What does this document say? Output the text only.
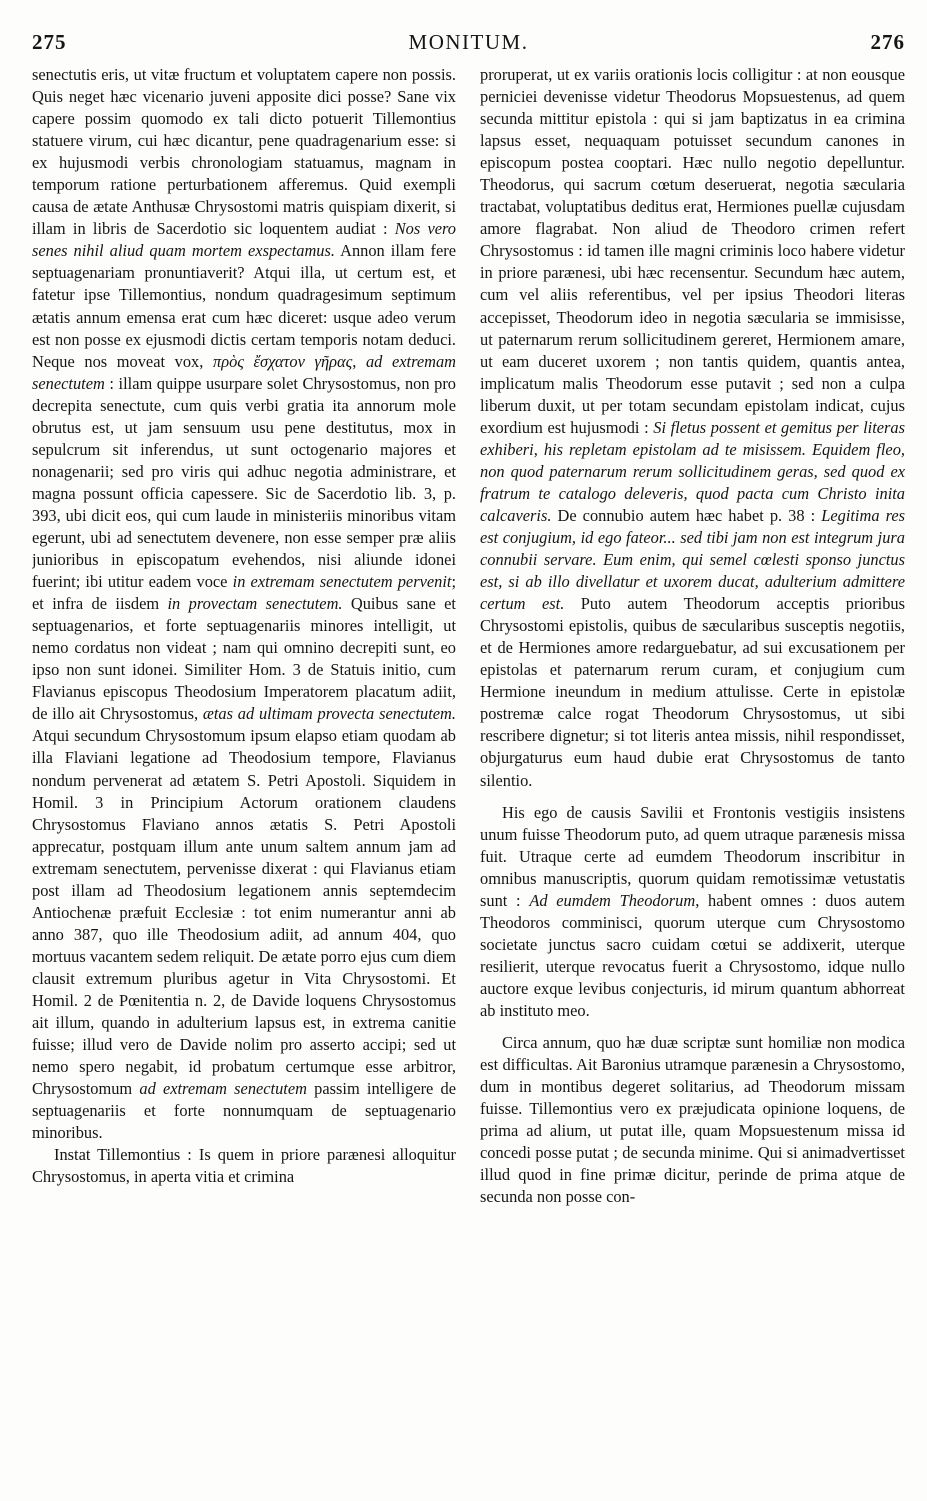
275	MONITUM.	276

senectutis eris, ut vitæ fructum et voluptatem capere non possis. Quis neget hæc vicenario juveni apposite dici posse? Sane vix capere possim quomodo ex tali dicto potuerit Tillemontius statuere virum, cui hæc dicantur, pene quadragenarium esse: si ex hujusmodi verbis chronologiam statuamus, magnam in temporum ratione perturbationem afferemus. Quid exempli causa de ætate Anthusæ Chrysostomi matris quispiam dixerit, si illam in libris de Sacerdotio sic loquentem audiat : Nos vero senes nihil aliud quam mortem exspectamus. Annon illam fere septuagenariam pronuntiaverit? Atqui illa, ut certum est, et fatetur ipse Tillemontius, nondum quadragesimum septimum ætatis annum emensa erat cum hæc diceret: usque adeo verum est non posse ex ejusmodi dictis certam temporis notam deduci. Neque nos moveat vox, πρὸς ἔσχατον γῆρας, ad extremam senectutem : illam quippe usurpare solet Chrysostomus, non pro decrepita senectute, cum quis verbi gratia ita annorum mole obrutus est, ut jam sensuum usu pene destitutus, mox in sepulcrum sit inferendus, ut sunt octogenario majores et nonagenarii; sed pro viris qui adhuc negotia administrare, et magna possunt officia capessere. Sic de Sacerdotio lib. 3, p. 393, ubi dicit eos, qui cum laude in ministeriis minoribus vitam egerunt, ubi ad senectutem devenere, non esse semper præ aliis junioribus in episcopatum evehendos, nisi aliunde idonei fuerint; ibi utitur eadem voce in extremam senectutem pervenit; et infra de iisdem in provectam senectutem. Quibus sane et septuagenarios, et forte septuagenariis minores intelligit, ut nemo cordatus non videat ; nam qui omnino decrepiti sunt, eo ipso non sunt idonei. Similiter Hom. 3 de Statuis initio, cum Flavianus episcopus Theodosium Imperatorem placatum adiit, de illo ait Chrysostomus, ætas ad ultimam provecta senectutem. Atqui secundum Chrysostomum ipsum elapso etiam quodam ab illa Flaviani legatione ad Theodosium tempore, Flavianus nondum pervenerat ad ætatem S. Petri Apostoli. Siquidem in Homil. 3 in Principium Actorum orationem claudens Chrysostomus Flaviano annos ætatis S. Petri Apostoli apprecatur, postquam illum ante unum saltem annum jam ad extremam senectutem, pervenisse dixerat : qui Flavianus etiam post illam ad Theodosium legationem annis septemdecim Antiochenæ præfuit Ecclesiæ : tot enim numerantur anni ab anno 387, quo ille Theodosium adiit, ad annum 404, quo mortuus vacantem sedem reliquit. De ætate porro ejus cum diem clausit extremum pluribus agetur in Vita Chrysostomi. Et Homil. 2 de Pœnitentia n. 2, de Davide loquens Chrysostomus ait illum, quando in adulterium lapsus est, in extrema canitie fuisse; illud vero de Davide nolim pro asserto accipi; sed ut nemo spero negabit, id probatum certumque esse arbitror, Chrysostomum ad extremam senectutem passim intelligere de septuagenariis et forte nonnumquam de septuagenario minoribus.

Instat Tillemontius : Is quem in priore parænesi alloquitur Chrysostomus, in aperta vitia et crimina

proruperat, ut ex variis orationis locis colligitur : at non eousque perniciei devenisse videtur Theodorus Mopsuestenus, ad quem secunda mittitur epistola : qui si jam baptizatus in ea crimina lapsus esset, nequaquam potuisset secundum canones in episcopum postea cooptari. Hæc nullo negotio depelluntur. Theodorus, qui sacrum cœtum deseruerat, negotia sæcularia tractabat, voluptatibus deditus erat, Hermiones puellæ cujusdam amore flagrabat. Non aliud de Theodoro crimen refert Chrysostomus : id tamen ille magni criminis loco habere videtur in priore parænesi, ubi hæc recensentur. Secundum hæc autem, cum vel aliis referentibus, vel per ipsius Theodori literas accepisset, Theodorum ideo in negotia sæcularia se immisisse, ut paternarum rerum sollicitudinem gereret, Hermionem amare, ut eam duceret uxorem ; non tantis quidem, quantis antea, implicatum malis Theodorum esse putavit ; sed non a culpa liberum duxit, ut per totam secundam epistolam indicat, cujus exordium est hujusmodi : Si fletus possent et gemitus per literas exhiberi, his repletam epistolam ad te misissem. Equidem fleo, non quod paternarum rerum sollicitudinem geras, sed quod ex fratrum te catalogo deleveris, quod pacta cum Christo inita calcaveris. De connubio autem hæc habet p. 38 : Legitima res est conjugium, id ego fateor... sed tibi jam non est integrum jura connubii servare. Eum enim, qui semel cœlesti sponso junctus est, si ab illo divellatur et uxorem ducat, adulterium admittere certum est. Puto autem Theodorum acceptis prioribus Chrysostomi epistolis, quibus de sæcularibus susceptis negotiis, et de Hermiones amore redarguebatur, ad sui excusationem per epistolas et paternarum rerum curam, et conjugium cum Hermione ineundum in medium attulisse. Certe in epistolæ postremæ calce rogat Theodorum Chrysostomus, ut sibi rescribere dignetur; si tot literis antea missis, nihil respondisset, objurgaturus eum haud dubie erat Chrysostomus de tanto silentio.

His ego de causis Savilii et Frontonis vestigiis insistens unum fuisse Theodorum puto, ad quem utraque parænesis missa fuit. Utraque certe ad eumdem Theodorum inscribitur in omnibus manuscriptis, quorum quidam remotissimæ vetustatis sunt : Ad eumdem Theodorum, habent omnes : duos autem Theodoros comminisci, quorum uterque cum Chrysostomo societate junctus sacro cuidam cœtui se addixerit, uterque resilierit, uterque revocatus fuerit a Chrysostomo, idque nullo auctore exque levibus conjecturis, id mirum quantum abhorreat ab instituto meo.

Circa annum, quo hæ duæ scriptæ sunt homiliæ non modica est difficultas. Ait Baronius utramque parænesin a Chrysostomo, dum in montibus degeret solitarius, ad Theodorum missam fuisse. Tillemontius vero ex præjudicata opinione loquens, de prima ad alium, ut putat ille, quam Mopsuestenum missa id concedi posse putat ; de secunda minime. Qui si animadvertisset illud quod in fine primæ dicitur, perinde de prima atque de secunda non posse con-
